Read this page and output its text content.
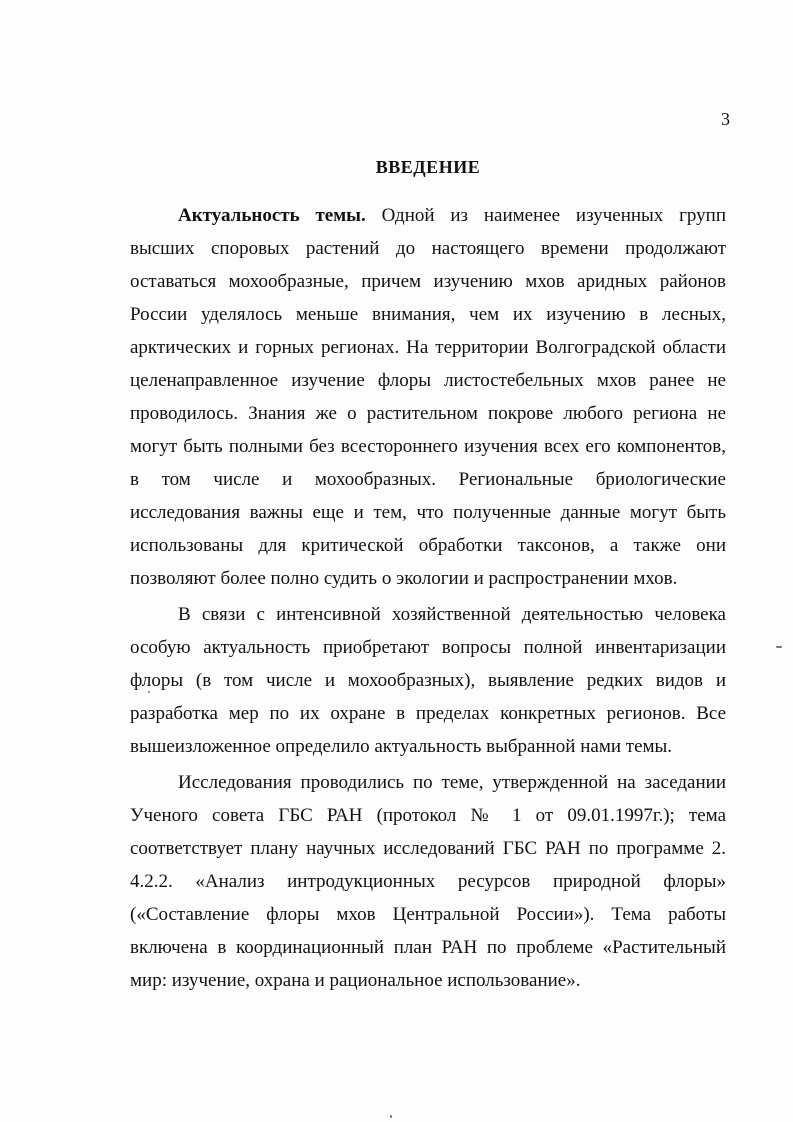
3
ВВЕДЕНИЕ

Актуальность темы. Одной из наименее изученных групп высших споровых растений до настоящего времени продолжают оставаться мохообразные, причем изучению мхов аридных районов России уделялось меньше внимания, чем их изучению в лесных, арктических и горных регионах. На территории Волгоградской области целенаправленное изучение флоры листостебельных мхов ранее не проводилось. Знания же о растительном покрове любого региона не могут быть полными без всестороннего изучения всех его компонентов, в том числе и мохообразных. Региональные бриологические исследования важны еще и тем, что полученные данные могут быть использованы для критической обработки таксонов, а также они позволяют более полно судить о экологии и распространении мхов.

В связи с интенсивной хозяйственной деятельностью человека особую актуальность приобретают вопросы полной инвентаризации флоры (в том числе и мохообразных), выявление редких видов и разработка мер по их охране в пределах конкретных регионов. Все вышеизложенное определило актуальность выбранной нами темы.

Исследования проводились по теме, утвержденной на заседании Ученого совета ГБС РАН (протокол № 1 от 09.01.1997г.); тема соответствует плану научных исследований ГБС РАН по программе 2. 4.2.2. «Анализ интродукционных ресурсов природной флоры» («Составление флоры мхов Центральной России»). Тема работы включена в координационный план РАН по проблеме «Растительный мир: изучение, охрана и рациональное использование».
